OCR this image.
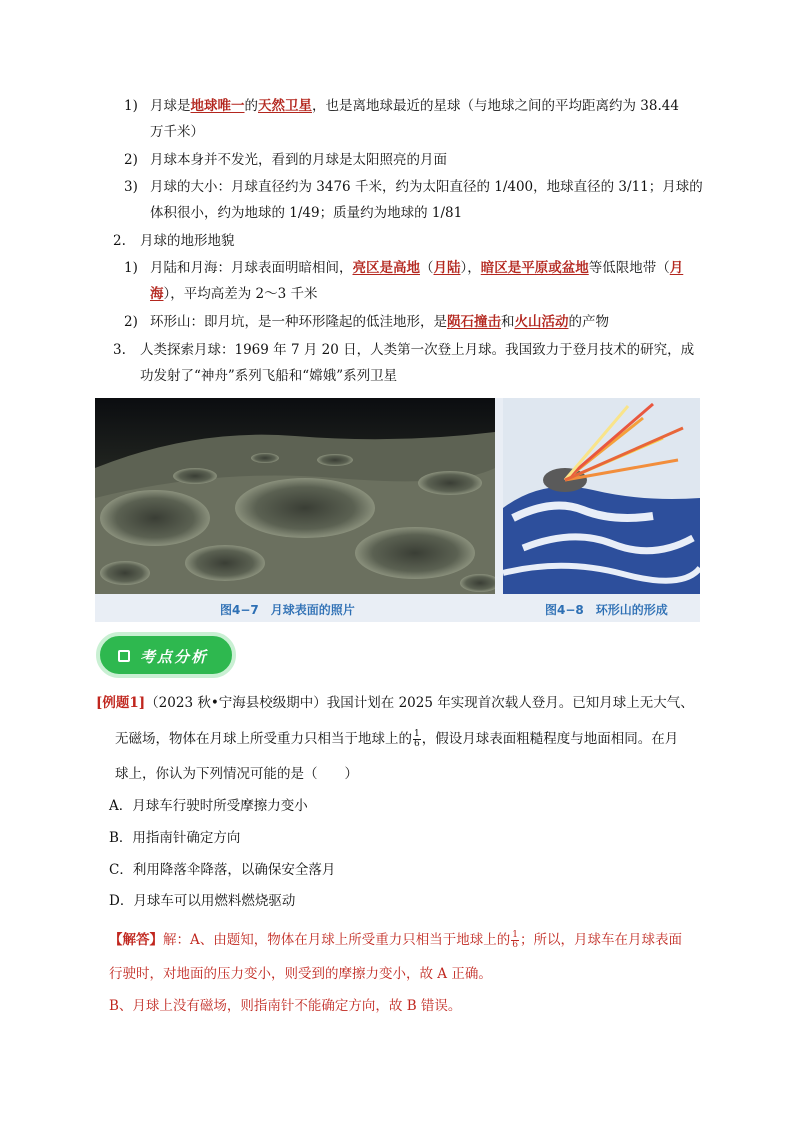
1) 月球是地球唯一的天然卫星，也是离地球最近的星球（与地球之间的平均距离约为 38.44
万千米）
2) 月球本身并不发光，看到的月球是太阳照亮的月面
3) 月球的大小：月球直径约为 3476 千米，约为太阳直径的 1/400，地球直径的 3/11；月球的
体积很小，约为地球的 1/49；质量约为地球的 1/81
2. 月球的地形地貌
1) 月陆和月海：月球表面明暗相间，亮区是高地（月陆），暗区是平原或盆地等低限地带（月
海），平均高差为 2～3 千米
2) 环形山：即月坑，是一种环形隆起的低洼地形，是陨石撞击和火山活动的产物
3. 人类探索月球：1969 年 7 月 20 日，人类第一次登上月球。我国致力于登月技术的研究，成
功发射了“神舟”系列飞船和“嫦娥”系列卫星
图4−7　月球表面的照片	图4−8　环形山的形成
考点分析
[例题1]（2023 秋•宁海县校级期中）我国计划在 2025 年实现首次载人登月。已知月球上无大气、
无磁场，物体在月球上所受重力只相当于地球上的 $\frac{1}{6}$ ，假设月球表面粗糙程度与地面相同。在月
球上，你认为下列情况可能的是（　　）
A．月球车行驶时所受摩擦力变小
B．用指南针确定方向
C．利用降落伞降落，以确保安全落月
D．月球车可以用燃料燃烧驱动
【解答】解：A、由题知，物体在月球上所受重力只相当于地球上的 $\frac{1}{6}$ ；所以，月球车在月球表面
行驶时，对地面的压力变小，则受到的摩擦力变小，故 A 正确。
B、月球上没有磁场，则指南针不能确定方向，故 B 错误。
